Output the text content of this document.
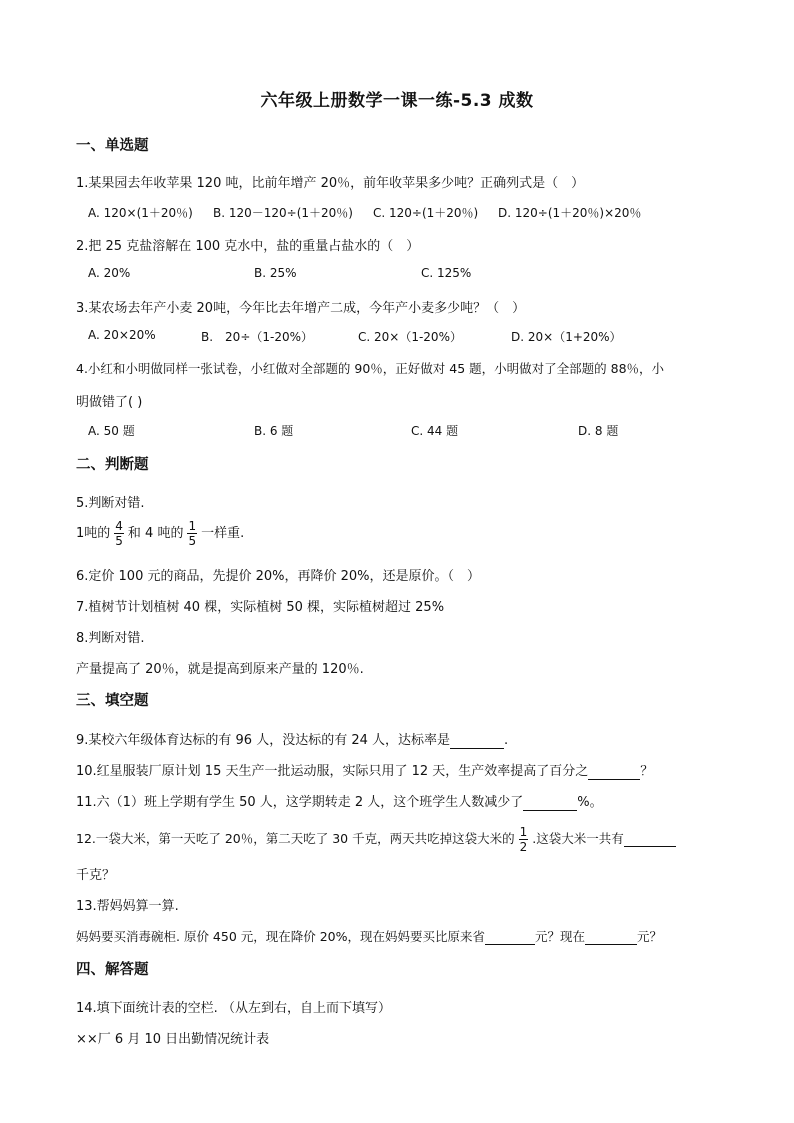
六年级上册数学一课一练-5.3 成数
一、单选题
1.某果园去年收苹果 120 吨，比前年增产 20％，前年收苹果多少吨？正确列式是（　）
A. 120×(1＋20％) B. 120－120÷(1＋20％) C. 120÷(1＋20％) D. 120÷(1＋20％)×20％
2.把 25 克盐溶解在 100 克水中，盐的重量占盐水的（　）
A. 20%	B. 25%	C. 125%
3.某农场去年产小麦 20吨，今年比去年增产二成，今年产小麦多少吨？（　）
A. 20×20%	B.　20÷（1-20%）	C. 20×（1-20%）	D. 20×（1+20%）
4.小红和小明做同样一张试卷，小红做对全部题的 90％，正好做对 45 题，小明做对了全部题的 88％，小
明做错了( )
A. 50 题	B. 6 题	C. 44 题	D. 8 题
二、判断题
5.判断对错.
1吨的 $\frac{4}{5}$ 和 4 吨的 $\frac{1}{5}$ 一样重.
6.定价 100 元的商品，先提价 20%，再降价 20%，还是原价。（　）
7.植树节计划植树 40 棵，实际植树 50 棵，实际植树超过 25%
8.判断对错.
产量提高了 20％，就是提高到原来产量的 120％.
三、填空题
9.某校六年级体育达标的有 96 人，没达标的有 24 人，达标率是	.
10.红星服装厂原计划 15 天生产一批运动服，实际只用了 12 天，生产效率提高了百分之	？
11.六（1）班上学期有学生 50 人，这学期转走 2 人，这个班学生人数减少了	%。
12.一袋大米，第一天吃了 20％，第二天吃了 30 千克，两天共吃掉这袋大米的 $\frac{1}{2}$ .这袋大米一共有
千克？
13.帮妈妈算一算.
妈妈要买消毒碗柜. 原价 450 元，现在降价 20%，现在妈妈要买比原来省	元？现在	元？
四、解答题
14.填下面统计表的空栏. （从左到右，自上而下填写）
××厂 6 月 10 日出勤情况统计表
